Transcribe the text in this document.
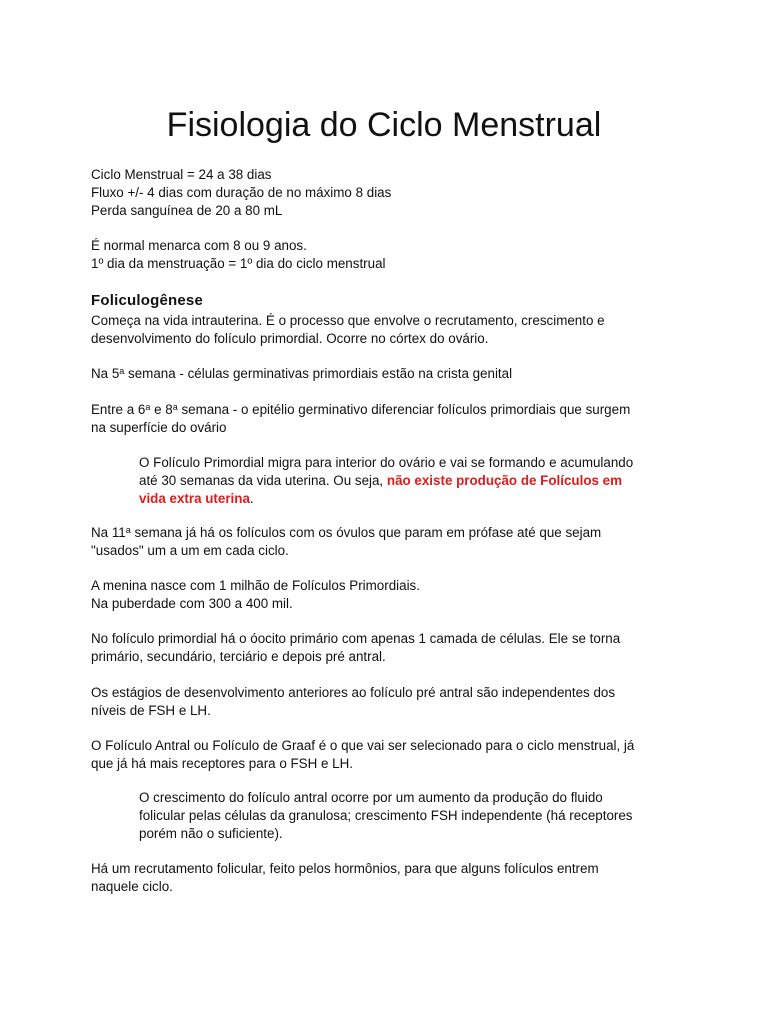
Fisiologia do Ciclo Menstrual

Ciclo Menstrual = 24 a 38 dias
Fluxo +/- 4 dias com duração de no máximo 8 dias
Perda sanguínea de 20 a 80 mL

É normal menarca com 8 ou 9 anos.
1º dia da menstruação = 1º dia do ciclo menstrual

Foliculogênese

Começa na vida intrauterina. É o processo que envolve o recrutamento, crescimento e
desenvolvimento do folículo primordial. Ocorre no córtex do ovário.

Na 5$^a$ semana - células germinativas primordiais estão na crista genital

Entre a 6$^a$ e 8$^a$ semana - o epitélio germinativo diferenciar folículos primordiais que surgem
na superfície do ovário

O Folículo Primordial migra para interior do ovário e vai se formando e acumulando
até 30 semanas da vida uterina. Ou seja, não existe produção de Folículos em
vida extra uterina.

Na 11$^a$ semana já há os folículos com os óvulos que param em prófase até que sejam
"usados" um a um em cada ciclo.

A menina nasce com 1 milhão de Folículos Primordiais.
Na puberdade com 300 a 400 mil.

No folículo primordial há o óocito primário com apenas 1 camada de células. Ele se torna
primário, secundário, terciário e depois pré antral.

Os estágios de desenvolvimento anteriores ao folículo pré antral são independentes dos
níveis de FSH e LH.

O Folículo Antral ou Folículo de Graaf é o que vai ser selecionado para o ciclo menstrual, já
que já há mais receptores para o FSH e LH.

O crescimento do folículo antral ocorre por um aumento da produção do fluido
folicular pelas células da granulosa; crescimento FSH independente (há receptores
porém não o suficiente).

Há um recrutamento folicular, feito pelos hormônios, para que alguns folículos entrem
naquele ciclo.
